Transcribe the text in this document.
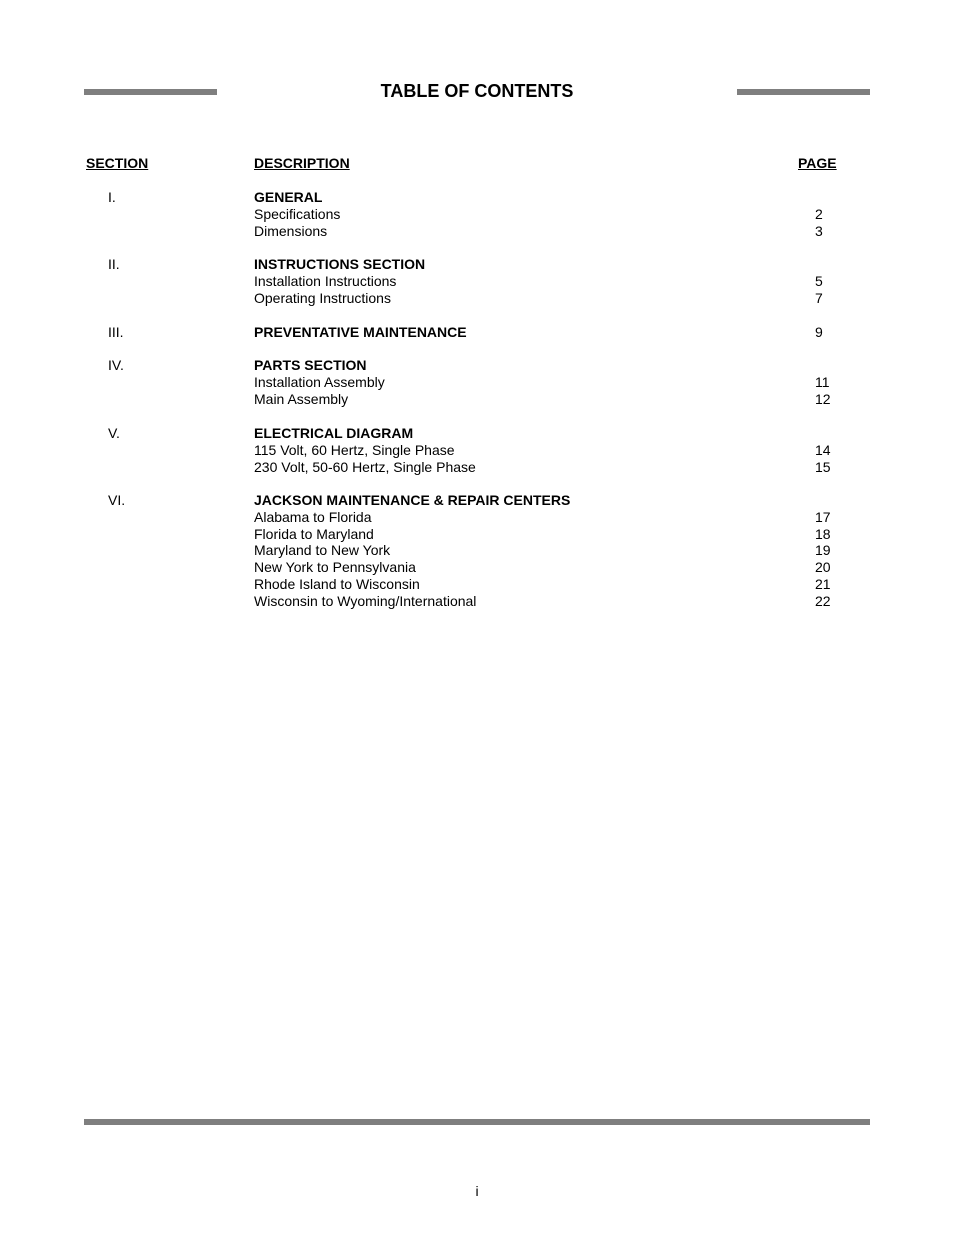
TABLE OF CONTENTS
SECTION	DESCRIPTION	PAGE
I.	GENERAL
Specifications	2
Dimensions	3
II.	INSTRUCTIONS SECTION
Installation Instructions	5
Operating Instructions	7
III.	PREVENTATIVE MAINTENANCE	9
IV.	PARTS SECTION
Installation Assembly	11
Main Assembly	12
V.	ELECTRICAL DIAGRAM
115 Volt, 60 Hertz, Single Phase	14
230 Volt, 50-60 Hertz, Single Phase	15
VI.	JACKSON MAINTENANCE & REPAIR CENTERS
Alabama to Florida	17
Florida to Maryland	18
Maryland to New York	19
New York to Pennsylvania	20
Rhode Island to Wisconsin	21
Wisconsin to Wyoming/International	22
i
